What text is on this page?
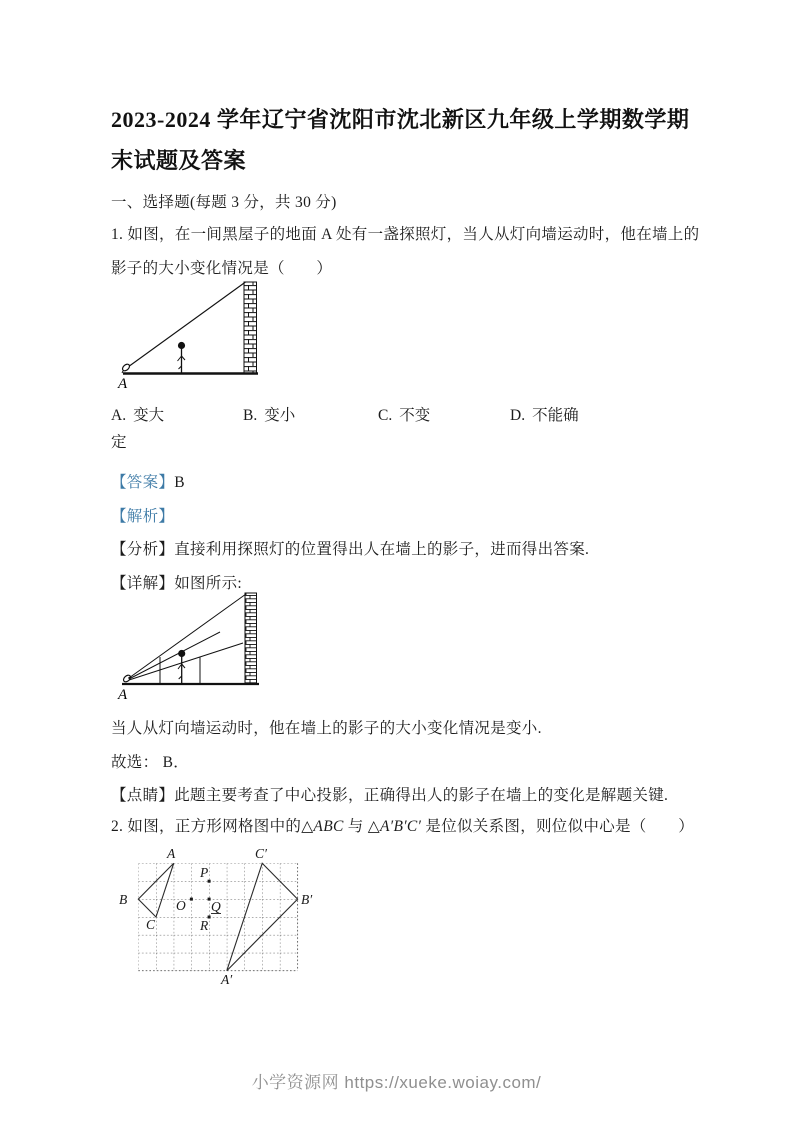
2023-2024 学年辽宁省沈阳市沈北新区九年级上学期数学期末试题及答案
一、选择题(每题 3 分，共 30 分)
1. 如图，在一间黑屋子的地面 A 处有一盏探照灯，当人从灯向墙运动时，他在墙上的影子的大小变化情况是（　　）
A
A. 变大	B. 变小	C. 不变	D. 不能确
定
【答案】B
【解析】
【分析】直接利用探照灯的位置得出人在墙上的影子，进而得出答案.
【详解】如图所示:
A
当人从灯向墙运动时，他在墙上的影子的大小变化情况是变小.
故选： B．
【点睛】此题主要考查了中心投影，正确得出人的影子在墙上的变化是解题关键.
2. 如图，正方形网格图中的△ABC 与 △A′B′C′ 是位似关系图，则位似中心是（　　）
A
B
C
C′
B′
A′
O
P
Q
R
小学资源网 https://xueke.woiay.com/
